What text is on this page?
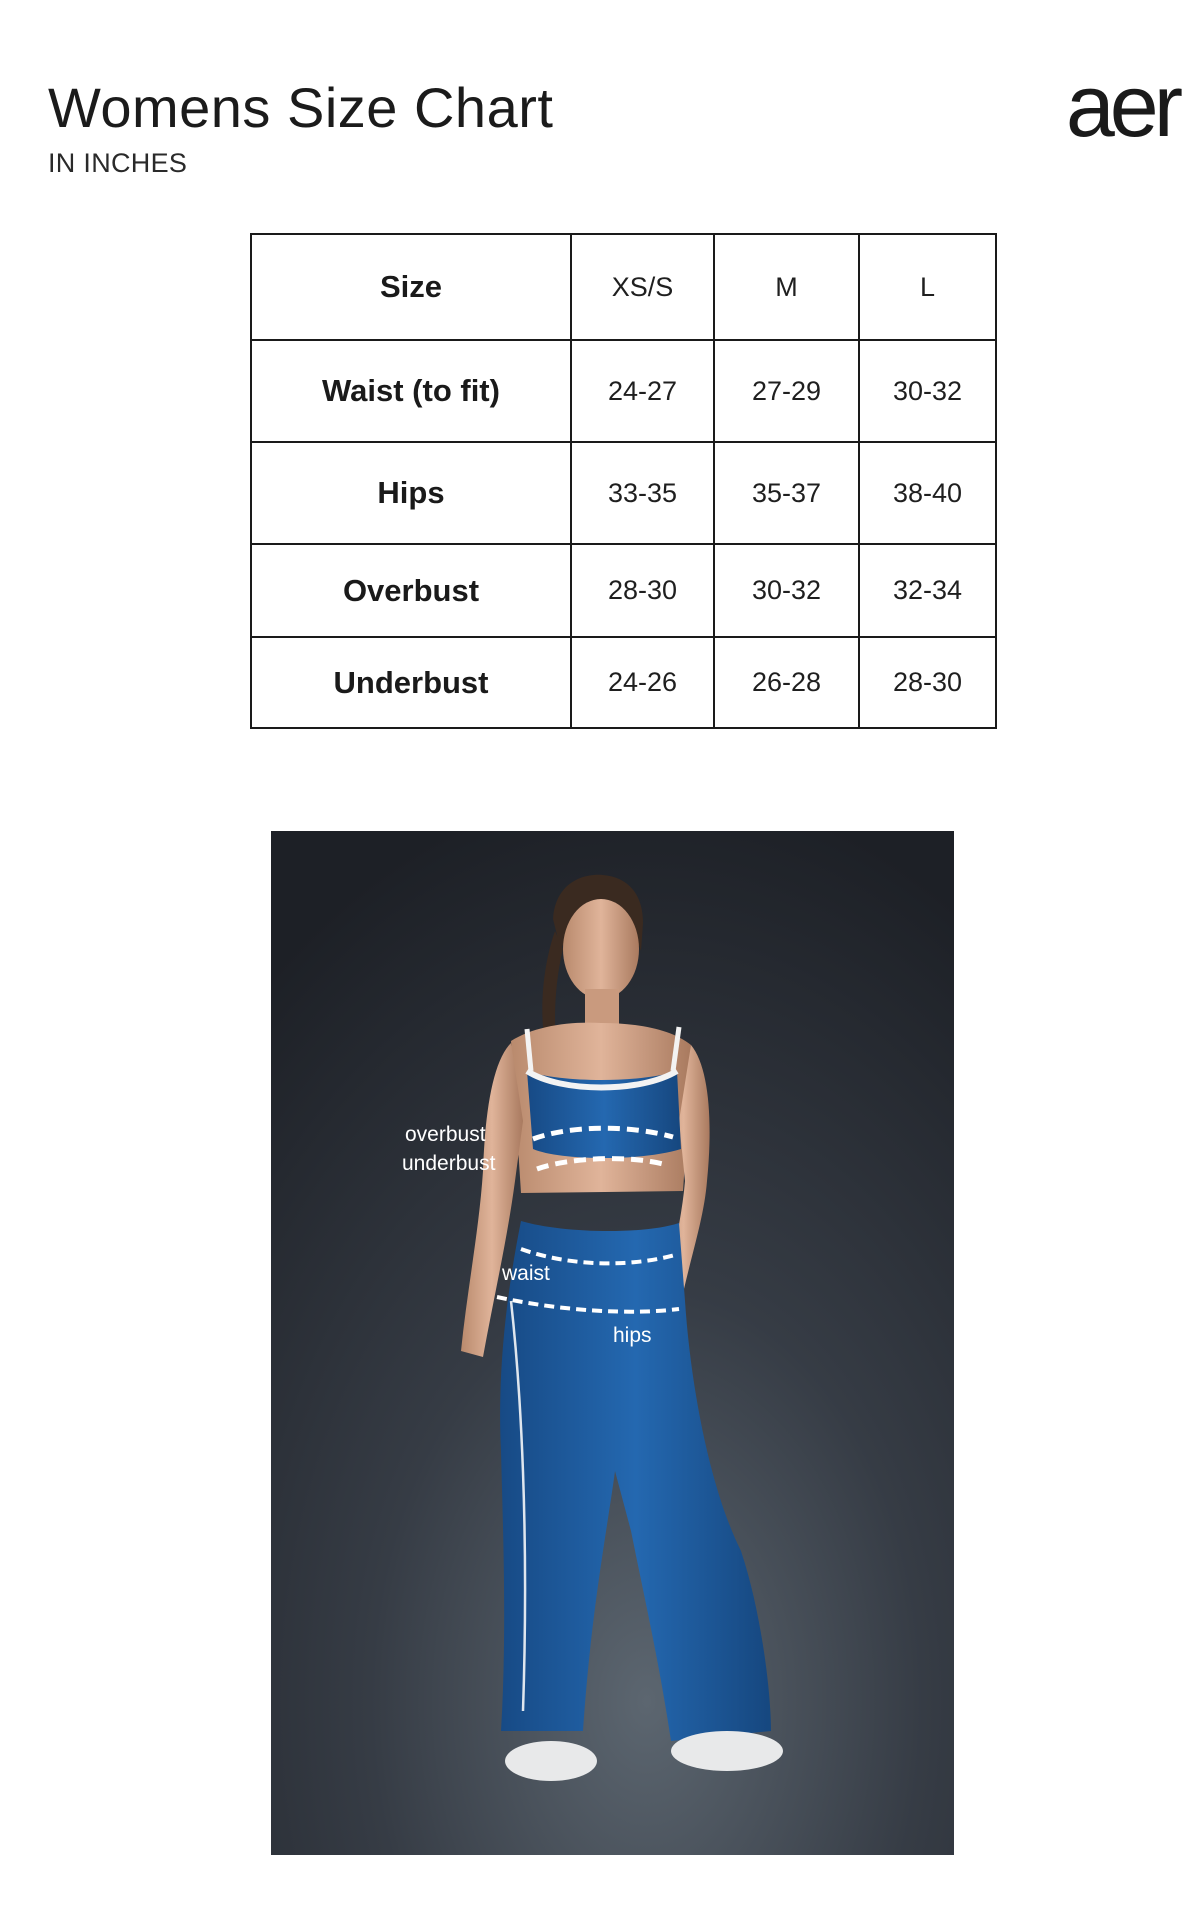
Womens Size Chart
IN INCHES
aer
Size	XS/S	M	L
Waist (to fit)	24-27	27-29	30-32
Hips	33-35	35-37	38-40
Overbust	28-30	30-32	32-34
Underbust	24-26	26-28	28-30
overbust
underbust
waist
hips
